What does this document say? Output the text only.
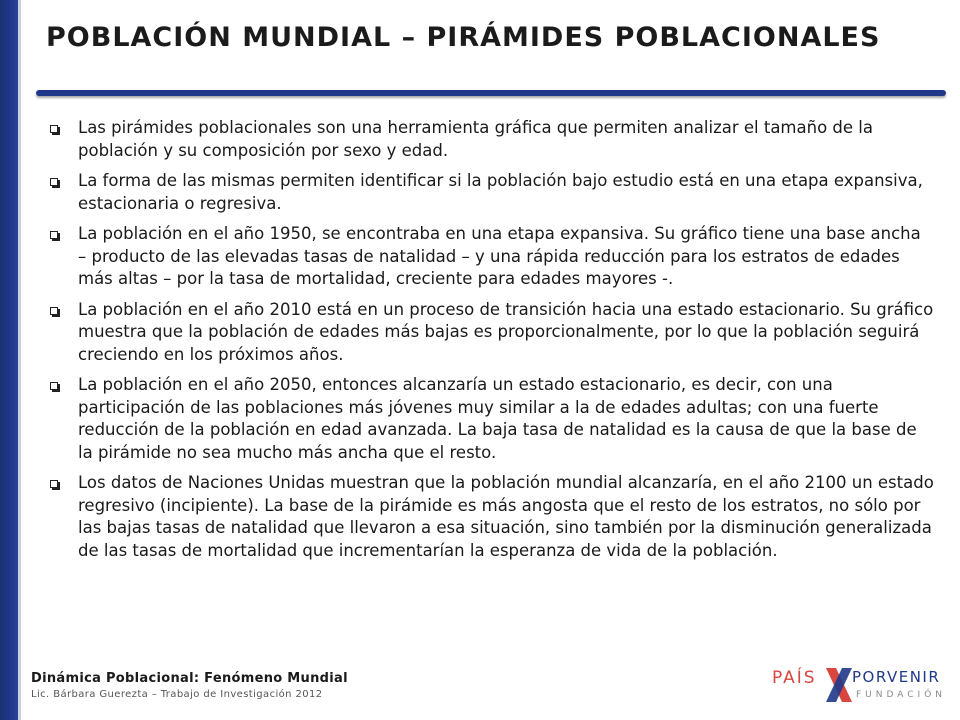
POBLACIÓN MUNDIAL – PIRÁMIDES POBLACIONALES
Las pirámides poblacionales son una herramienta gráfica que permiten analizar el tamaño de la población y su composición por sexo y edad.
La forma de las mismas permiten identificar si la población bajo estudio está en una etapa expansiva, estacionaria o regresiva.
La población en el año 1950, se encontraba en una etapa expansiva. Su gráfico tiene una base ancha – producto de las elevadas tasas de natalidad – y una rápida reducción para los estratos de edades más altas – por la tasa de mortalidad, creciente para edades mayores -.
La población en el año 2010 está en un proceso de transición hacia una estado estacionario. Su gráfico muestra que la población de edades más bajas es proporcionalmente, por lo que la población seguirá creciendo en los próximos años.
La población en el año 2050, entonces alcanzaría un estado estacionario, es decir, con una participación de las poblaciones más jóvenes muy similar a la de edades adultas; con una fuerte reducción de la población en edad avanzada. La baja tasa de natalidad es la causa de que la base de la pirámide no sea mucho más ancha que el resto.
Los datos de Naciones Unidas muestran que la población mundial alcanzaría, en el año 2100 un estado regresivo (incipiente). La base de la pirámide es más angosta que el resto de los estratos, no sólo por las bajas tasas de natalidad que llevaron a esa situación, sino también por la disminución generalizada de las tasas de mortalidad que incrementarían la esperanza de vida de la población.
Dinámica Poblacional: Fenómeno Mundial
Lic. Bárbara Guerezta – Trabajo de Investigación 2012
PAÍS PORVENIR
FUNDACIÓN
